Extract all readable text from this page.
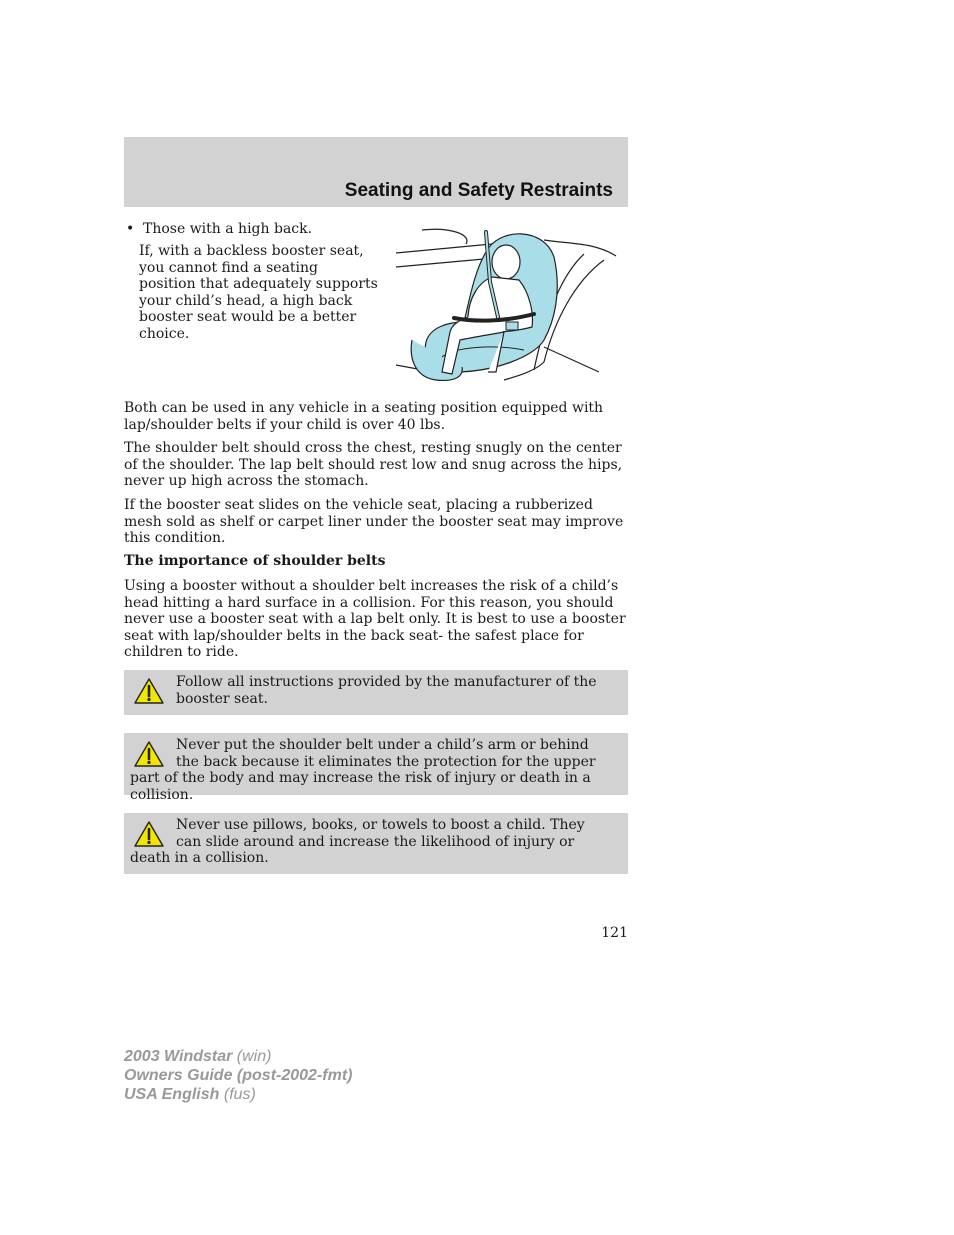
Seating and Safety Restraints

• Those with a high back.

If, with a backless booster seat, you cannot find a seating position that adequately supports your child’s head, a high back booster seat would be a better choice.

Both can be used in any vehicle in a seating position equipped with lap/shoulder belts if your child is over 40 lbs.

The shoulder belt should cross the chest, resting snugly on the center of the shoulder. The lap belt should rest low and snug across the hips, never up high across the stomach.

If the booster seat slides on the vehicle seat, placing a rubberized mesh sold as shelf or carpet liner under the booster seat may improve this condition.

The importance of shoulder belts

Using a booster without a shoulder belt increases the risk of a child’s head hitting a hard surface in a collision. For this reason, you should never use a booster seat with a lap belt only. It is best to use a booster seat with lap/shoulder belts in the back seat- the safest place for children to ride.

Follow all instructions provided by the manufacturer of the booster seat.
Never put the shoulder belt under a child’s arm or behind the back because it eliminates the protection for the upper part of the body and may increase the risk of injury or death in a collision.
Never use pillows, books, or towels to boost a child. They can slide around and increase the likelihood of injury or death in a collision.
121
2003 Windstar (win)
Owners Guide (post-2002-fmt)
USA English (fus)
